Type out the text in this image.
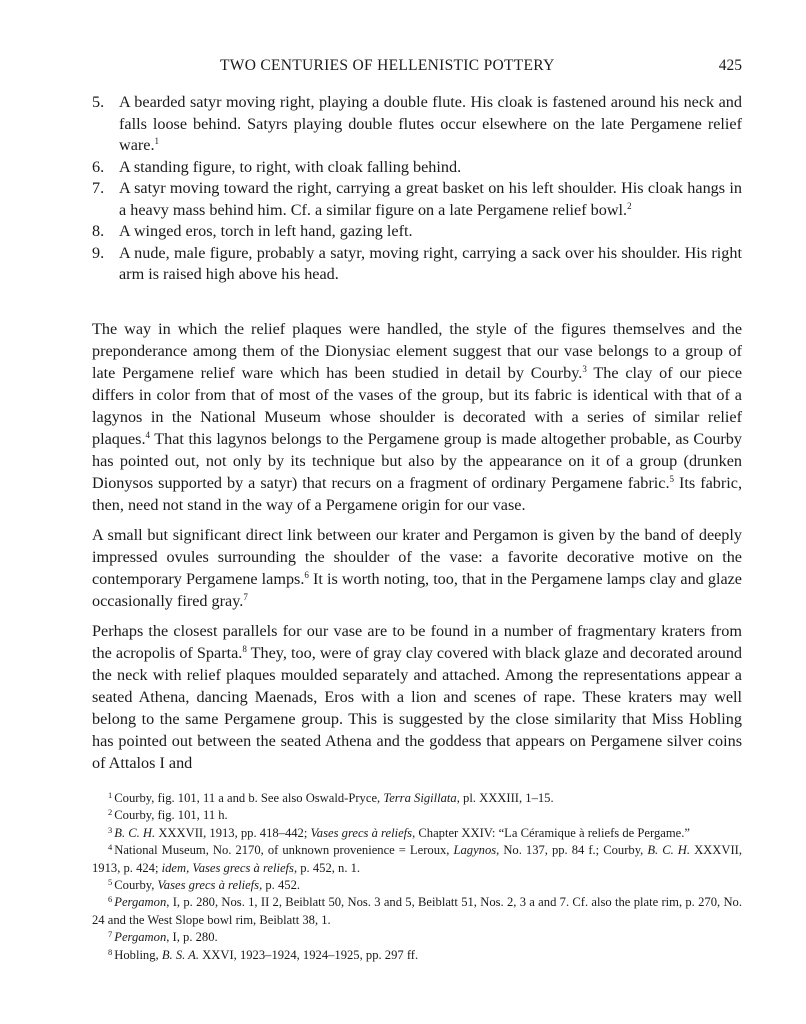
TWO CENTURIES OF HELLENISTIC POTTERY	425
5. A bearded satyr moving right, playing a double flute. His cloak is fastened around his neck and falls loose behind. Satyrs playing double flutes occur elsewhere on the late Pergamene relief ware.$^1$
6. A standing figure, to right, with cloak falling behind.
7. A satyr moving toward the right, carrying a great basket on his left shoulder. His cloak hangs in a heavy mass behind him. Cf. a similar figure on a late Pergamene relief bowl.$^2$
8. A winged eros, torch in left hand, gazing left.
9. A nude, male figure, probably a satyr, moving right, carrying a sack over his shoulder. His right arm is raised high above his head.

The way in which the relief plaques were handled, the style of the figures themselves and the preponderance among them of the Dionysiac element suggest that our vase belongs to a group of late Pergamene relief ware which has been studied in detail by Courby.$^3$ The clay of our piece differs in color from that of most of the vases of the group, but its fabric is identical with that of a lagynos in the National Museum whose shoulder is decorated with a series of similar relief plaques.$^4$ That this lagynos belongs to the Pergamene group is made altogether probable, as Courby has pointed out, not only by its technique but also by the appearance on it of a group (drunken Dionysos supported by a satyr) that recurs on a fragment of ordinary Pergamene fabric.$^5$ Its fabric, then, need not stand in the way of a Pergamene origin for our vase.

A small but significant direct link between our krater and Pergamon is given by the band of deeply impressed ovules surrounding the shoulder of the vase: a favorite decorative motive on the contemporary Pergamene lamps.$^6$ It is worth noting, too, that in the Pergamene lamps clay and glaze occasionally fired gray.$^7$

Perhaps the closest parallels for our vase are to be found in a number of fragmentary kraters from the acropolis of Sparta.$^8$ They, too, were of gray clay covered with black glaze and decorated around the neck with relief plaques moulded separately and attached. Among the representations appear a seated Athena, dancing Maenads, Eros with a lion and scenes of rape. These kraters may well belong to the same Pergamene group. This is suggested by the close similarity that Miss Hobling has pointed out between the seated Athena and the goddess that appears on Pergamene silver coins of Attalos I and

$^1$ Courby, fig. 101, 11 a and b. See also Oswald-Pryce, Terra Sigillata, pl. XXXIII, 1–15.
$^2$ Courby, fig. 101, 11 h.
$^3$ B. C. H. XXXVII, 1913, pp. 418–442; Vases grecs à reliefs, Chapter XXIV: “La Céramique à reliefs de Pergame.”
$^4$ National Museum, No. 2170, of unknown provenience = Leroux, Lagynos, No. 137, pp. 84 f.; Courby, B. C. H. XXXVII, 1913, p. 424; idem, Vases grecs à reliefs, p. 452, n. 1.
$^5$ Courby, Vases grecs à reliefs, p. 452.
$^6$ Pergamon, I, p. 280, Nos. 1, II 2, Beiblatt 50, Nos. 3 and 5, Beiblatt 51, Nos. 2, 3 a and 7. Cf. also the plate rim, p. 270, No. 24 and the West Slope bowl rim, Beiblatt 38, 1.
$^7$ Pergamon, I, p. 280.
$^8$ Hobling, B. S. A. XXVI, 1923–1924, 1924–1925, pp. 297 ff.
